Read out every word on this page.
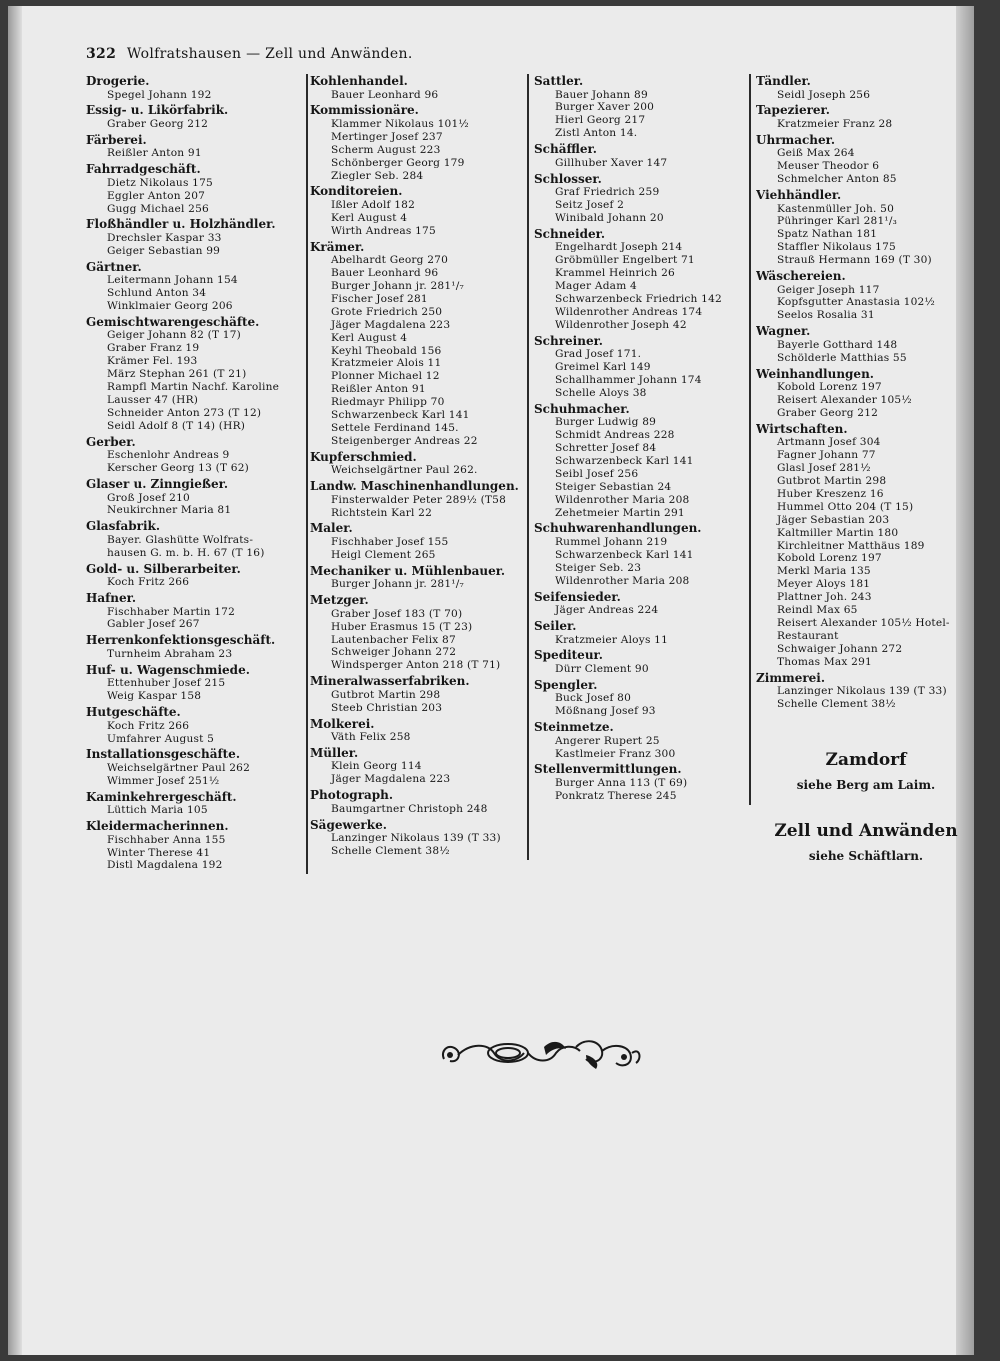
322 Wolfratshausen — Zell und Anwänden.
Drogerie.
Spegel Johann 192
Essig- u. Likörfabrik.
Graber Georg 212
Färberei.
Reißler Anton 91
Fahrradgeschäft.
Dietz Nikolaus 175
Eggler Anton 207
Gugg Michael 256
Floßhändler u. Holzhändler.
Drechsler Kaspar 33
Geiger Sebastian 99
Gärtner.
Leitermann Johann 154
Schlund Anton 34
Winklmaier Georg 206
Gemischtwarengeschäfte.
Geiger Johann 82 (T 17)
Graber Franz 19
Krämer Fel. 193
März Stephan 261 (T 21)
Rampfl Martin Nachf. Karoline
Lausser 47 (HR)
Schneider Anton 273 (T 12)
Seidl Adolf 8 (T 14) (HR)
Gerber.
Eschenlohr Andreas 9
Kerscher Georg 13 (T 62)
Glaser u. Zinngießer.
Groß Josef 210
Neukirchner Maria 81
Glasfabrik.
Bayer. Glashütte Wolfrats-
hausen G. m. b. H. 67 (T 16)
Gold- u. Silberarbeiter.
Koch Fritz 266
Hafner.
Fischhaber Martin 172
Gabler Josef 267
Herrenkonfektionsgeschäft.
Turnheim Abraham 23
Huf- u. Wagenschmiede.
Ettenhuber Josef 215
Weig Kaspar 158
Hutgeschäfte.
Koch Fritz 266
Umfahrer August 5
Installationsgeschäfte.
Weichselgärtner Paul 262
Wimmer Josef 251½
Kaminkehrergeschäft.
Lüttich Maria 105
Kleidermacherinnen.
Fischhaber Anna 155
Winter Therese 41
Distl Magdalena 192
Kohlenhandel.
Bauer Leonhard 96
Kommissionäre.
Klammer Nikolaus 101½
Mertinger Josef 237
Scherm August 223
Schönberger Georg 179
Ziegler Seb. 284
Konditoreien.
Ißler Adolf 182
Kerl August 4
Wirth Andreas 175
Krämer.
Abelhardt Georg 270
Bauer Leonhard 96
Burger Johann jr. 281¹/₇
Fischer Josef 281
Grote Friedrich 250
Jäger Magdalena 223
Kerl August 4
Keyhl Theobald 156
Kratzmeier Alois 11
Plonner Michael 12
Reißler Anton 91
Riedmayr Philipp 70
Schwarzenbeck Karl 141
Settele Ferdinand 145.
Steigenberger Andreas 22
Kupferschmied.
Weichselgärtner Paul 262.
Landw. Maschinenhandlungen.
Finsterwalder Peter 289½ (T58
Richtstein Karl 22
Maler.
Fischhaber Josef 155
Heigl Clement 265
Mechaniker u. Mühlenbauer.
Burger Johann jr. 281¹/₇
Metzger.
Graber Josef 183 (T 70)
Huber Erasmus 15 (T 23)
Lautenbacher Felix 87
Schweiger Johann 272
Windsperger Anton 218 (T 71)
Mineralwasserfabriken.
Gutbrot Martin 298
Steeb Christian 203
Molkerei.
Väth Felix 258
Müller.
Klein Georg 114
Jäger Magdalena 223
Photograph.
Baumgartner Christoph 248
Sägewerke.
Lanzinger Nikolaus 139 (T 33)
Schelle Clement 38½
Sattler.
Bauer Johann 89
Burger Xaver 200
Hierl Georg 217
Zistl Anton 14.
Schäffler.
Gillhuber Xaver 147
Schlosser.
Graf Friedrich 259
Seitz Josef 2
Winibald Johann 20
Schneider.
Engelhardt Joseph 214
Gröbmüller Engelbert 71
Krammel Heinrich 26
Mager Adam 4
Schwarzenbeck Friedrich 142
Wildenrother Andreas 174
Wildenrother Joseph 42
Schreiner.
Grad Josef 171.
Greimel Karl 149
Schallhammer Johann 174
Schelle Aloys 38
Schuhmacher.
Burger Ludwig 89
Schmidt Andreas 228
Schretter Josef 84
Schwarzenbeck Karl 141
Seibl Josef 256
Steiger Sebastian 24
Wildenrother Maria 208
Zehetmeier Martin 291
Schuhwarenhandlungen.
Rummel Johann 219
Schwarzenbeck Karl 141
Steiger Seb. 23
Wildenrother Maria 208
Seifensieder.
Jäger Andreas 224
Seiler.
Kratzmeier Aloys 11
Spediteur.
Dürr Clement 90
Spengler.
Buck Josef 80
Mößnang Josef 93
Steinmetze.
Angerer Rupert 25
Kastlmeier Franz 300
Stellenvermittlungen.
Burger Anna 113 (T 69)
Ponkratz Therese 245
Tändler.
Seidl Joseph 256
Tapezierer.
Kratzmeier Franz 28
Uhrmacher.
Geiß Max 264
Meuser Theodor 6
Schmelcher Anton 85
Viehhändler.
Kastenmüller Joh. 50
Pühringer Karl 281¹/₃
Spatz Nathan 181
Staffler Nikolaus 175
Strauß Hermann 169 (T 30)
Wäschereien.
Geiger Joseph 117
Kopfsgutter Anastasia 102½
Seelos Rosalia 31
Wagner.
Bayerle Gotthard 148
Schölderle Matthias 55
Weinhandlungen.
Kobold Lorenz 197
Reisert Alexander 105½
Graber Georg 212
Wirtschaften.
Artmann Josef 304
Fagner Johann 77
Glasl Josef 281½
Gutbrot Martin 298
Huber Kreszenz 16
Hummel Otto 204 (T 15)
Jäger Sebastian 203
Kaltmiller Martin 180
Kirchleitner Matthäus 189
Kobold Lorenz 197
Merkl Maria 135
Meyer Aloys 181
Plattner Joh. 243
Reindl Max 65
Reisert Alexander 105½ Hotel-
Restaurant
Schwaiger Johann 272
Thomas Max 291
Zimmerei.
Lanzinger Nikolaus 139 (T 33)
Schelle Clement 38½
Zamdorf
siehe Berg am Laim.
Zell und Anwänden
siehe Schäftlarn.
